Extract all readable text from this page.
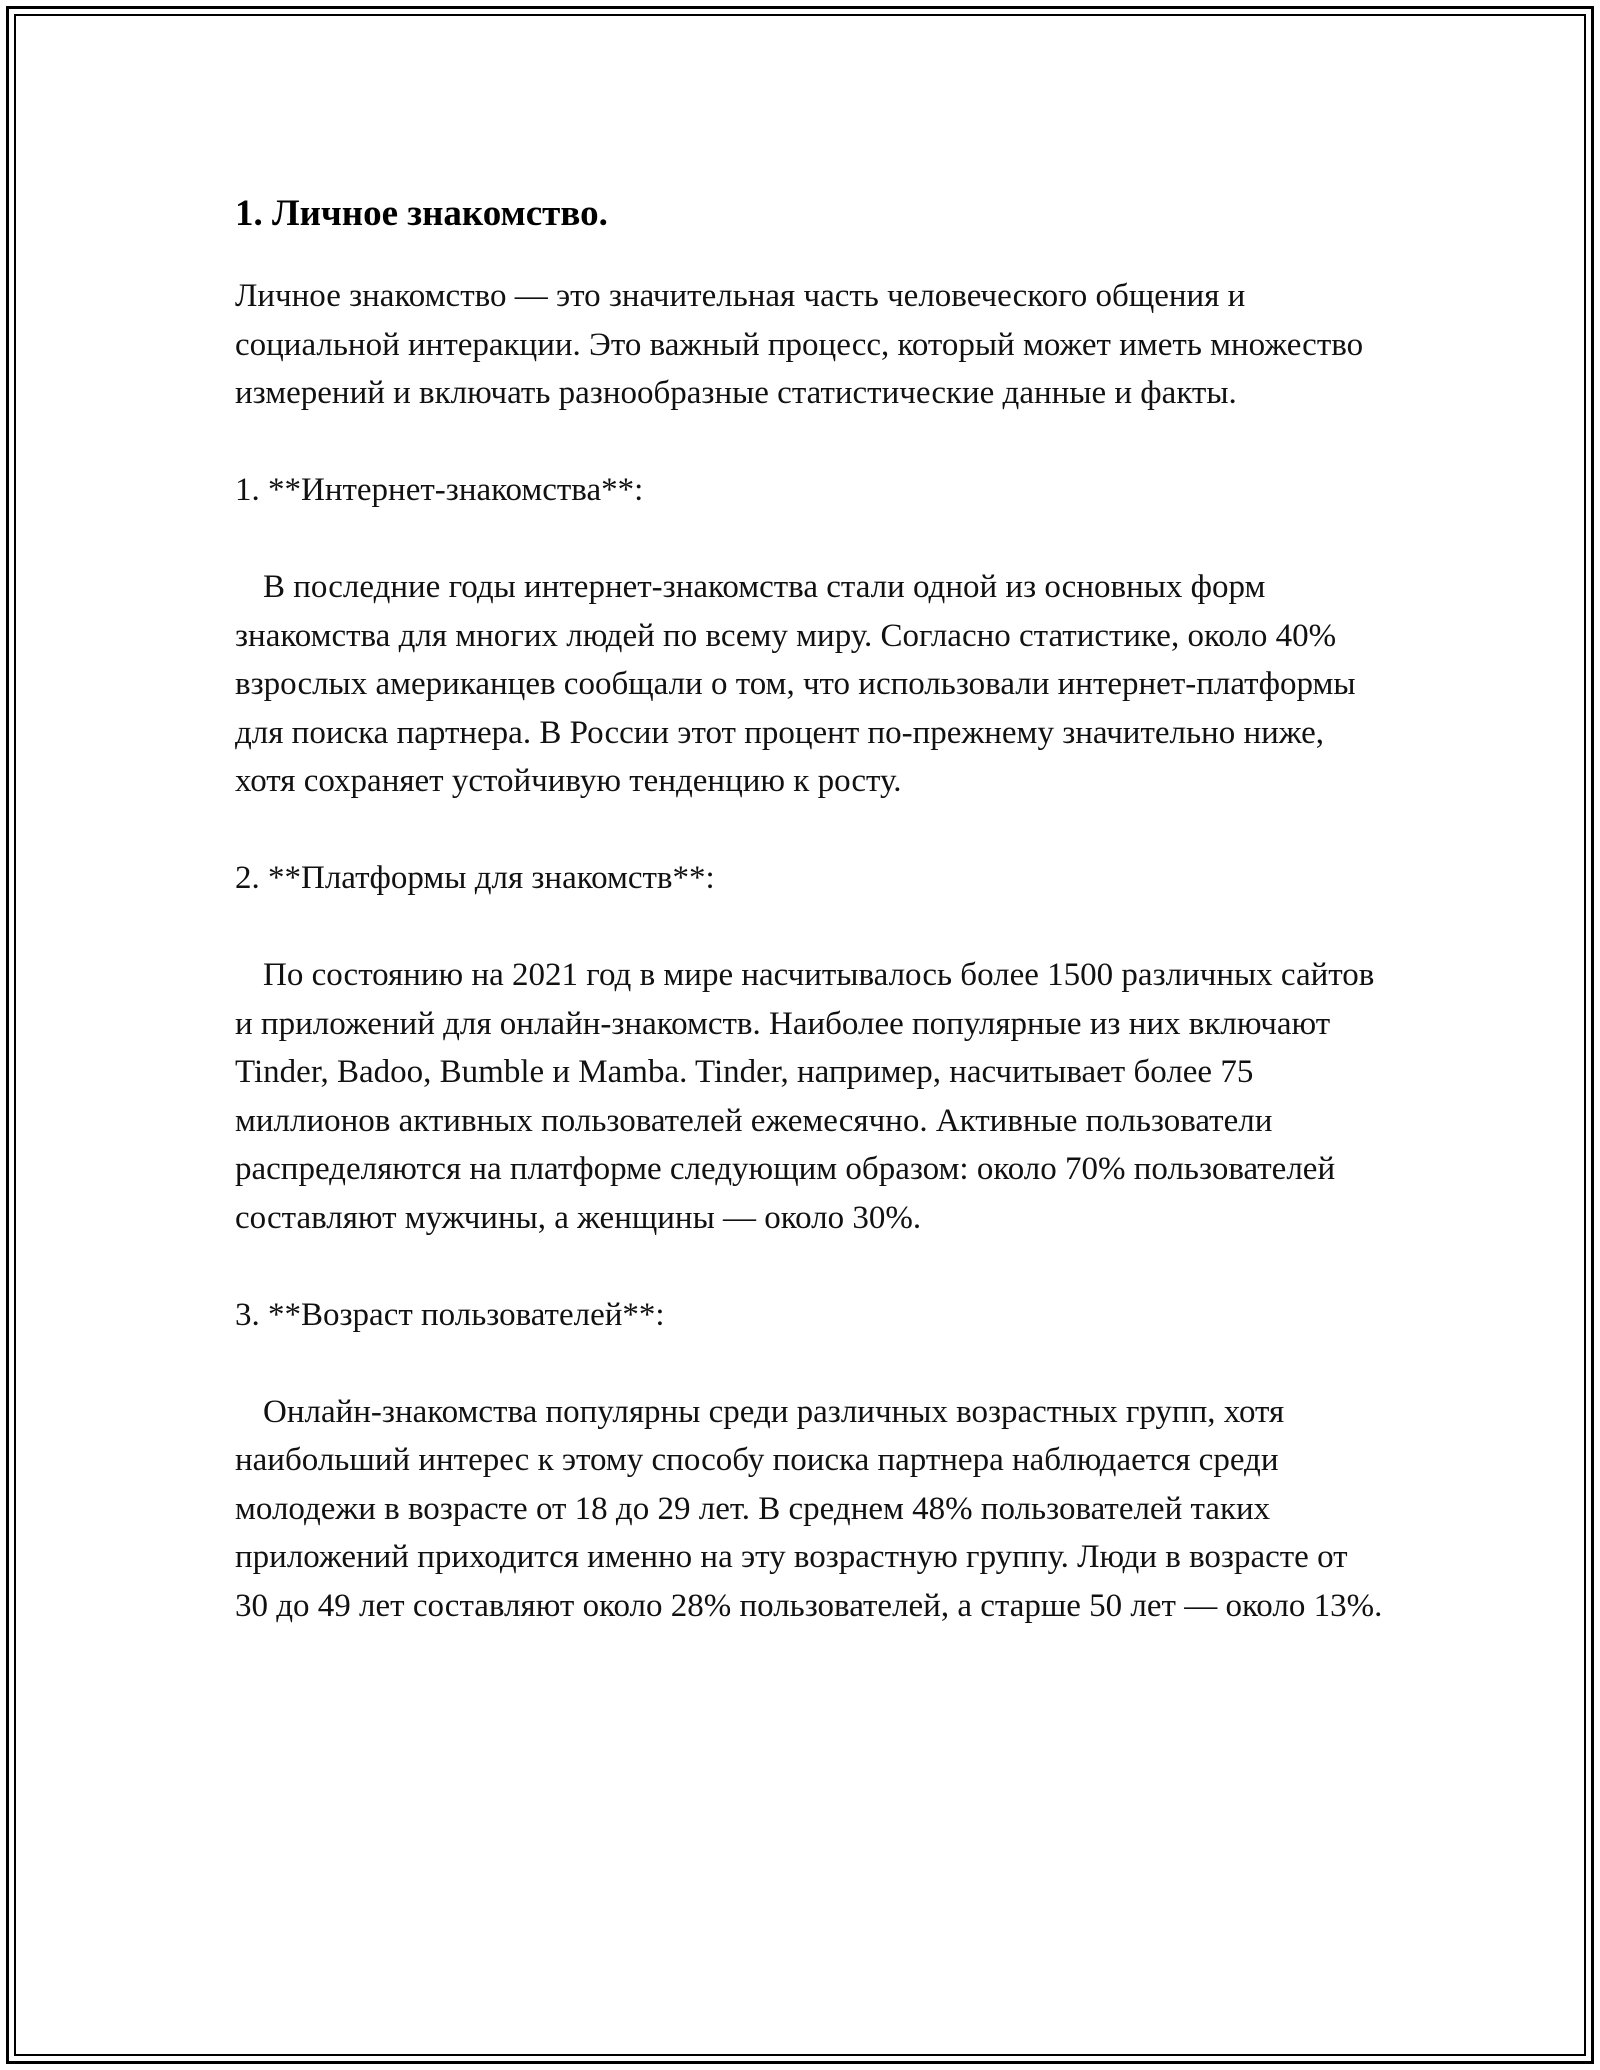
1. Личное знакомство.

Личное знакомство — это значительная часть человеческого общения и социальной интеракции. Это важный процесс, который может иметь множество измерений и включать разнообразные статистические данные и факты.

1. **Интернет-знакомства**:

В последние годы интернет-знакомства стали одной из основных форм знакомства для многих людей по всему миру. Согласно статистике, около 40% взрослых американцев сообщали о том, что использовали интернет-платформы для поиска партнера. В России этот процент по-прежнему значительно ниже, хотя сохраняет устойчивую тенденцию к росту.

2. **Платформы для знакомств**:

По состоянию на 2021 год в мире насчитывалось более 1500 различных сайтов и приложений для онлайн-знакомств. Наиболее популярные из них включают Tinder, Badoo, Bumble и Mamba. Tinder, например, насчитывает более 75 миллионов активных пользователей ежемесячно. Активные пользователи распределяются на платформе следующим образом: около 70% пользователей составляют мужчины, а женщины — около 30%.

3. **Возраст пользователей**:

Онлайн-знакомства популярны среди различных возрастных групп, хотя наибольший интерес к этому способу поиска партнера наблюдается среди молодежи в возрасте от 18 до 29 лет. В среднем 48% пользователей таких приложений приходится именно на эту возрастную группу. Люди в возрасте от 30 до 49 лет составляют около 28% пользователей, а старше 50 лет — около 13%.
